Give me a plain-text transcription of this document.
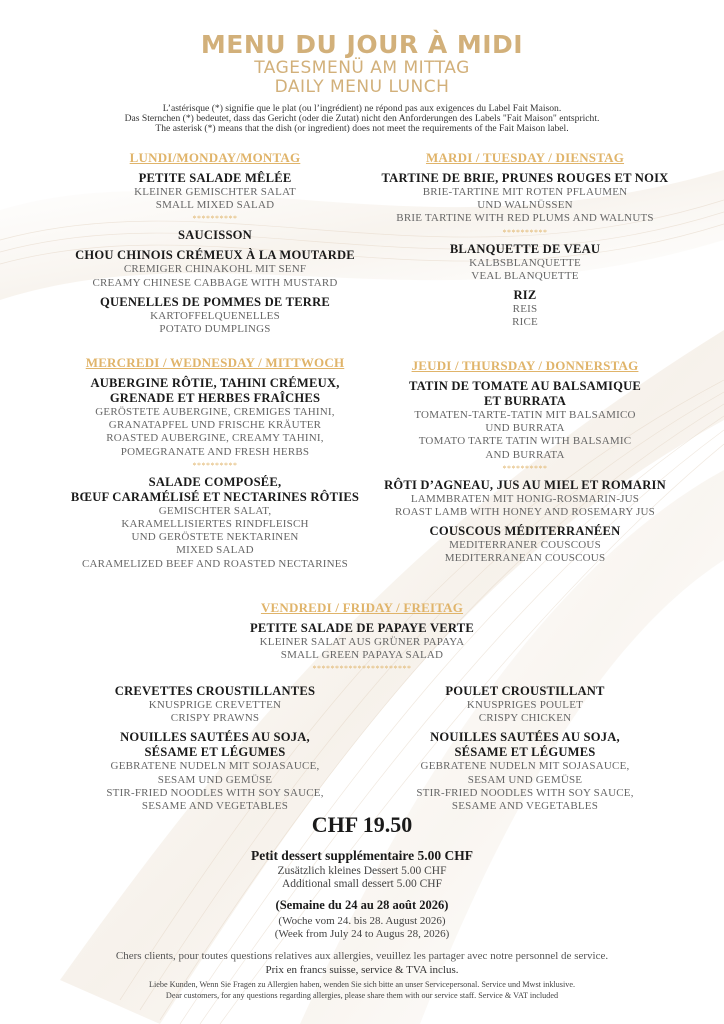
MENU DU JOUR À MIDI
TAGESMENÜ AM MITTAG
DAILY MENU LUNCH
L’astérisque (*) signifie que le plat (ou l’ingrédient) ne répond pas aux exigences du Label Fait Maison.
Das Sternchen (*) bedeutet, dass das Gericht (oder die Zutat) nicht den Anforderungen des Labels "Fait Maison" entspricht.
The asterisk (*) means that the dish (or ingredient) does not meet the requirements of the Fait Maison label.
LUNDI/MONDAY/MONTAG
PETITE SALADE MÊLÉE
KLEINER GEMISCHTER SALAT
SMALL MIXED SALAD
**********
SAUCISSON
CHOU CHINOIS CRÉMEUX À LA MOUTARDE
CREMIGER CHINAKOHL MIT SENF
CREAMY CHINESE CABBAGE WITH MUSTARD
QUENELLES DE POMMES DE TERRE
KARTOFFELQUENELLES
POTATO DUMPLINGS
MARDI / TUESDAY / DIENSTAG
TARTINE DE BRIE, PRUNES ROUGES ET NOIX
BRIE-TARTINE MIT ROTEN PFLAUMEN
UND WALNÜSSEN
BRIE TARTINE WITH RED PLUMS AND WALNUTS
**********
BLANQUETTE DE VEAU
KALBSBLANQUETTE
VEAL BLANQUETTE
RIZ
REIS
RICE
MERCREDI / WEDNESDAY / MITTWOCH
AUBERGINE RÔTIE, TAHINI CRÉMEUX,
GRENADE ET HERBES FRAÎCHES
GERÖSTETE AUBERGINE, CREMIGES TAHINI,
GRANATAPFEL UND FRISCHE KRÄUTER
ROASTED AUBERGINE, CREAMY TAHINI,
POMEGRANATE AND FRESH HERBS
**********
SALADE COMPOSÉE,
BŒUF CARAMÉLISÉ ET NECTARINES RÔTIES
GEMISCHTER SALAT,
KARAMELLISIERTES RINDFLEISCH
UND GERÖSTETE NEKTARINEN
MIXED SALAD
CARAMELIZED BEEF AND ROASTED NECTARINES
JEUDI / THURSDAY / DONNERSTAG
TATIN DE TOMATE AU BALSAMIQUE
ET BURRATA
TOMATEN-TARTE-TATIN MIT BALSAMICO
UND BURRATA
TOMATO TARTE TATIN WITH BALSAMIC
AND BURRATA
**********
RÔTI D’AGNEAU, JUS AU MIEL ET ROMARIN
LAMMBRATEN MIT HONIG-ROSMARIN-JUS
ROAST LAMB WITH HONEY AND ROSEMARY JUS
COUSCOUS MÉDITERRANÉEN
MEDITERRANER COUSCOUS
MEDITERRANEAN COUSCOUS
VENDREDI / FRIDAY / FREITAG
PETITE SALADE DE PAPAYE VERTE
KLEINER SALAT AUS GRÜNER PAPAYA
SMALL GREEN PAPAYA SALAD
**********************
CREVETTES CROUSTILLANTES
KNUSPRIGE CREVETTEN
CRISPY PRAWNS
NOUILLES SAUTÉES AU SOJA,
SÉSAME ET LÉGUMES
GEBRATENE NUDELN MIT SOJASAUCE,
SESAM UND GEMÜSE
STIR-FRIED NOODLES WITH SOY SAUCE,
SESAME AND VEGETABLES
POULET CROUSTILLANT
KNUSPRIGES POULET
CRISPY CHICKEN
NOUILLES SAUTÉES AU SOJA,
SÉSAME ET LÉGUMES
GEBRATENE NUDELN MIT SOJASAUCE,
SESAM UND GEMÜSE
STIR-FRIED NOODLES WITH SOY SAUCE,
SESAME AND VEGETABLES
CHF 19.50
Petit dessert supplémentaire 5.00 CHF
Zusätzlich kleines Dessert 5.00 CHF
Additional small dessert 5.00 CHF
(Semaine du 24 au 28 août 2026)
(Woche vom 24. bis 28. August 2026)
(Week from July 24 to Augus 28, 2026)
Chers clients, pour toutes questions relatives aux allergies, veuillez les partager avec notre personnel de service.
Prix en francs suisse, service & TVA inclus.
Liebe Kunden, Wenn Sie Fragen zu Allergien haben, wenden Sie sich bitte an unser Servicepersonal. Service und Mwst inklusive.
Dear customers, for any questions regarding allergies, please share them with our service staff. Service & VAT included
